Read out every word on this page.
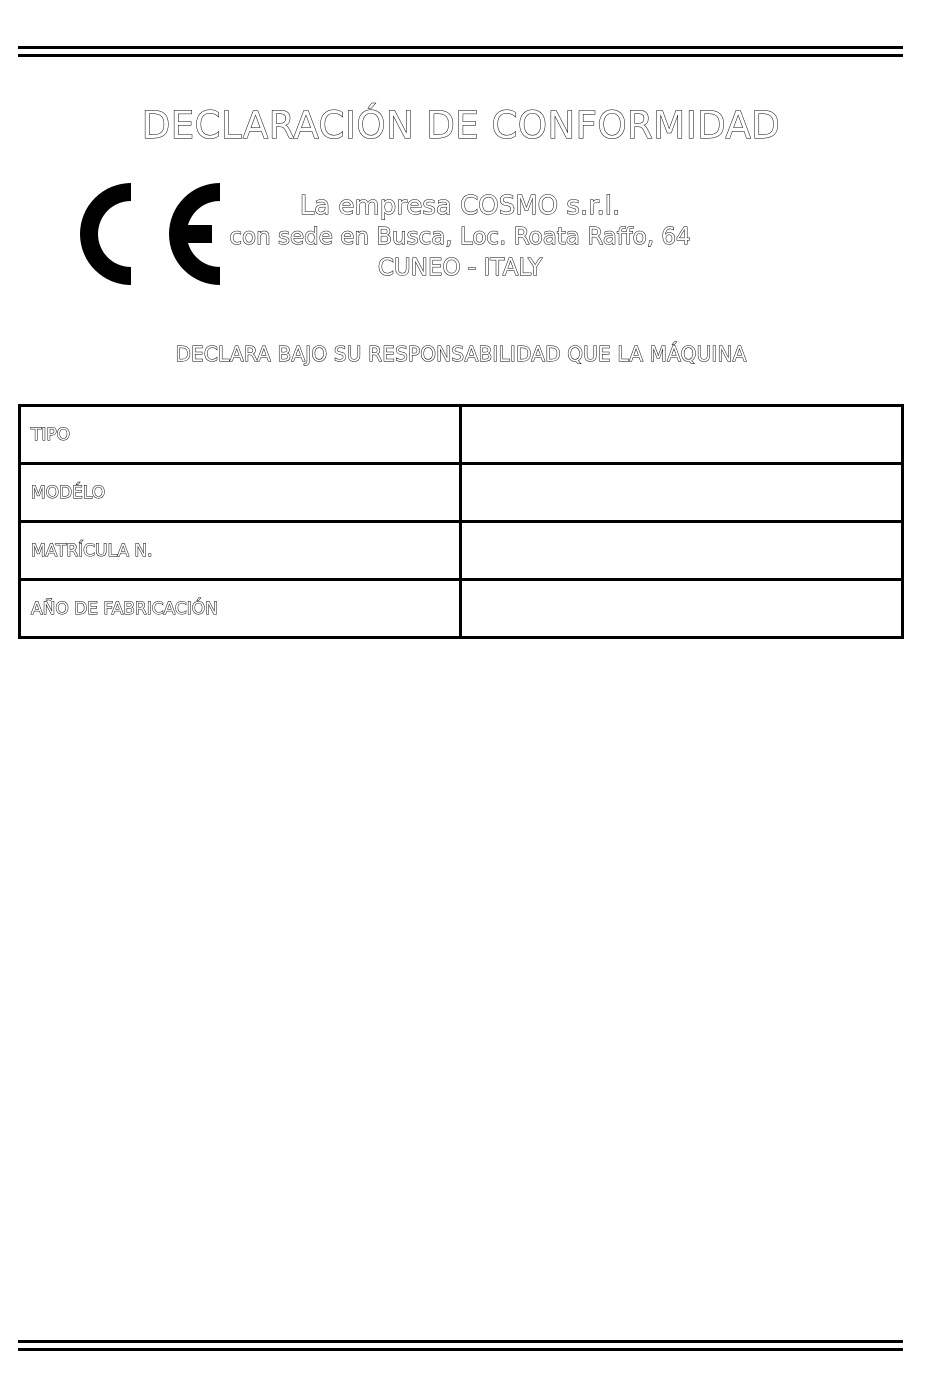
DECLARACIÓN DE CONFORMIDAD
La empresa COSMO s.r.l.
con sede en Busca, Loc. Roata Raffo, 64
CUNEO - ITALY
DECLARA BAJO SU RESPONSABILIDAD QUE LA MÁQUINA
TIPO	
MODÉLO	
MATRÍCULA N.	
AÑO DE FABRICACIÓN	
